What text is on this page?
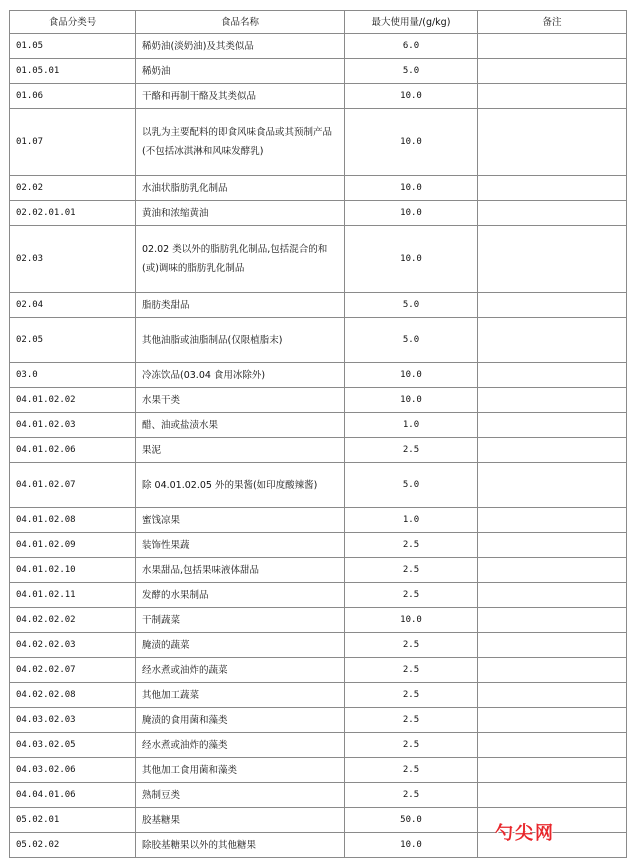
食品分类号	食品名称	最大使用量/(g/kg)	备注
01.05	稀奶油(淡奶油)及其类似品	6.0	
01.05.01	稀奶油	5.0	
01.06	干酪和再制干酪及其类似品	10.0	
01.07	以乳为主要配料的即食风味食品或其预制产品(不包括冰淇淋和风味发酵乳)	10.0	
02.02	水油状脂肪乳化制品	10.0	
02.02.01.01	黄油和浓缩黄油	10.0	
02.03	02.02 类以外的脂肪乳化制品,包括混合的和(或)调味的脂肪乳化制品	10.0	
02.04	脂肪类甜品	5.0	
02.05	其他油脂或油脂制品(仅限植脂末)	5.0	
03.0	冷冻饮品(03.04 食用冰除外)	10.0	
04.01.02.02	水果干类	10.0	
04.01.02.03	醋、油或盐渍水果	1.0	
04.01.02.06	果泥	2.5	
04.01.02.07	除 04.01.02.05 外的果酱(如印度酸辣酱)	5.0	
04.01.02.08	蜜饯凉果	1.0	
04.01.02.09	装饰性果蔬	2.5	
04.01.02.10	水果甜品,包括果味液体甜品	2.5	
04.01.02.11	发酵的水果制品	2.5	
04.02.02.02	干制蔬菜	10.0	
04.02.02.03	腌渍的蔬菜	2.5	
04.02.02.07	经水煮或油炸的蔬菜	2.5	
04.02.02.08	其他加工蔬菜	2.5	
04.03.02.03	腌渍的食用菌和藻类	2.5	
04.03.02.05	经水煮或油炸的藻类	2.5	
04.03.02.06	其他加工食用菌和藻类	2.5	
04.04.01.06	熟制豆类	2.5	
05.02.01	胶基糖果	50.0	
05.02.02	除胶基糖果以外的其他糖果	10.0	
勺尖网
